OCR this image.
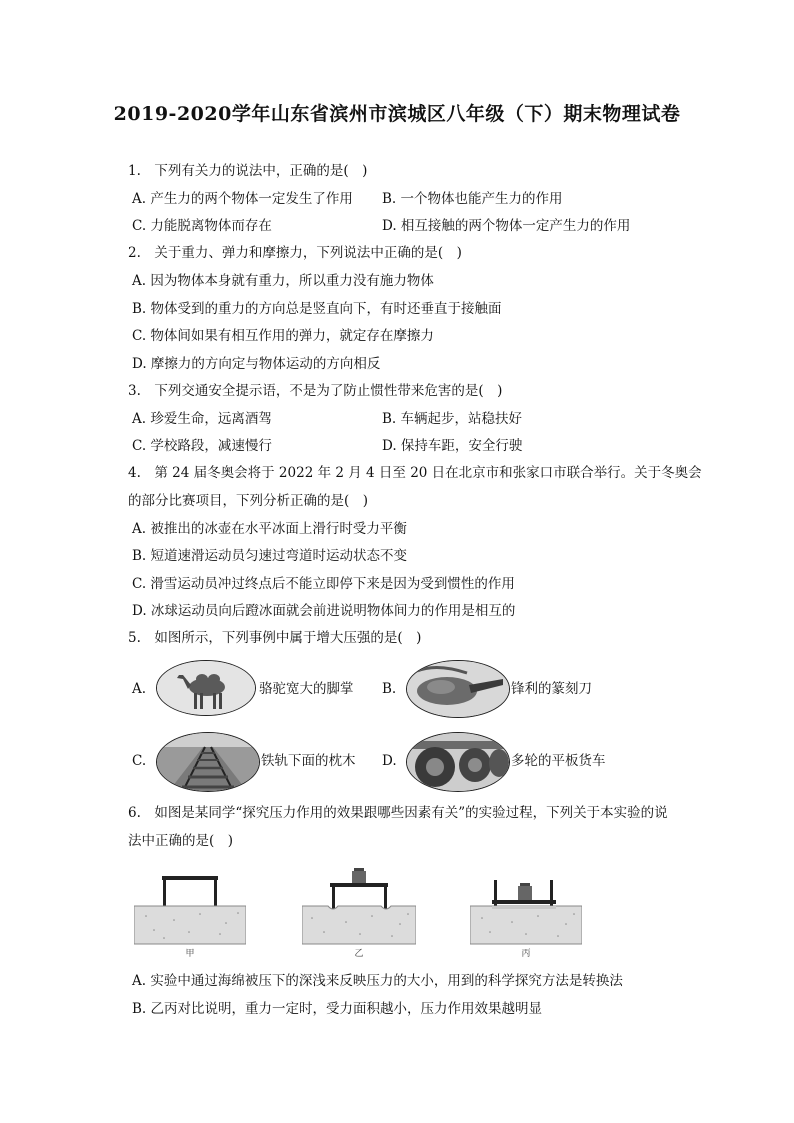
2019-2020学年山东省滨州市滨城区八年级（下）期末物理试卷
1.　下列有关力的说法中，正确的是(　)
A. 产生力的两个物体一定发生了作用 B. 一个物体也能产生力的作用
C. 力能脱离物体而存在	D. 相互接触的两个物体一定产生力的作用
2.　关于重力、弹力和摩擦力，下列说法中正确的是(　)
A. 因为物体本身就有重力，所以重力没有施力物体
B. 物体受到的重力的方向总是竖直向下，有时还垂直于接触面
C. 物体间如果有相互作用的弹力，就定存在摩擦力
D. 摩擦力的方向定与物体运动的方向相反
3.　下列交通安全提示语，不是为了防止惯性带来危害的是(　)
A. 珍爱生命，远离酒驾	B. 车辆起步，站稳扶好
C. 学校路段，减速慢行	D. 保持车距，安全行驶
4.　第 24 届冬奥会将于 2022 年 2 月 4 日至 20 日在北京市和张家口市联合举行。关于冬奥会
的部分比赛项目，下列分析正确的是(　)
A. 被推出的冰壶在水平冰面上滑行时受力平衡
B. 短道速滑运动员匀速过弯道时运动状态不变
C. 滑雪运动员冲过终点后不能立即停下来是因为受到惯性的作用
D. 冰球运动员向后蹬冰面就会前进说明物体间力的作用是相互的
5.　如图所示，下列事例中属于增大压强的是(　)
A.	骆驼宽大的脚掌 B.	锋利的篆刻刀
C.	铁轨下面的枕木 D.	多轮的平板货车
6.　如图是某同学“探究压力作用的效果跟哪些因素有关”的实验过程，下列关于本实验的说
法中正确的是(　)
甲	乙	丙
A. 实验中通过海绵被压下的深浅来反映压力的大小，用到的科学探究方法是转换法
B. 乙丙对比说明，重力一定时，受力面积越小，压力作用效果越明显
